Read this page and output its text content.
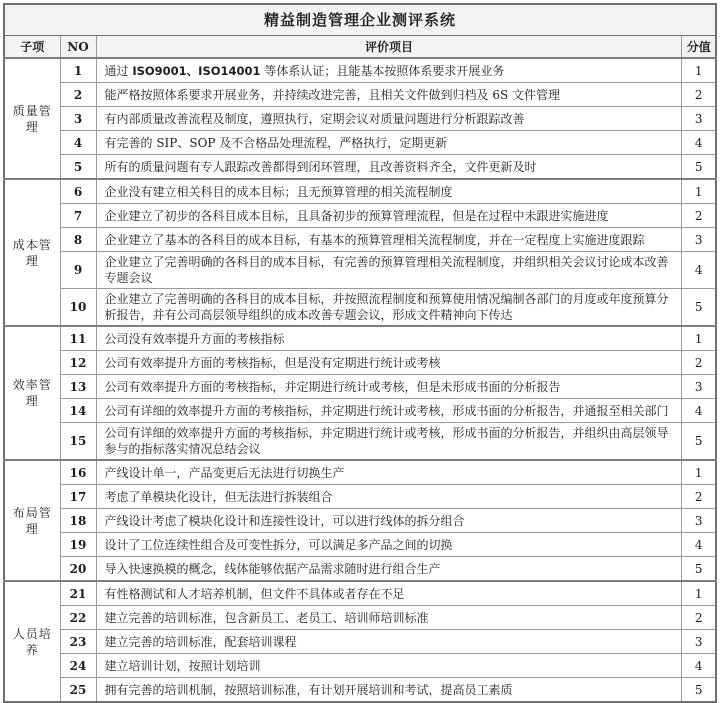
精益制造管理企业测评系统			
子项	NO	评价项目	分值
质量管理	1	通过 ISO9001、ISO14001 等体系认证；且能基本按照体系要求开展业务	1
	2	能严格按照体系要求开展业务，并持续改进完善，且相关文件做到归档及 6S 文件管理	2
	3	有内部质量改善流程及制度，遵照执行，定期会议对质量问题进行分析跟踪改善	3
	4	有完善的 SIP、SOP 及不合格品处理流程，严格执行，定期更新	4
	5	所有的质量问题有专人跟踪改善都得到闭环管理，且改善资料齐全，文件更新及时	5
成本管理	6	企业没有建立相关科目的成本目标；且无预算管理的相关流程制度	1
	7	企业建立了初步的各科目成本目标，且具备初步的预算管理流程，但是在过程中未跟进实施进度	2
	8	企业建立了基本的各科目的成本目标，有基本的预算管理相关流程制度，并在一定程度上实施进度跟踪	3
	9	企业建立了完善明确的各科目的成本目标，有完善的预算管理相关流程制度，并组织相关会议讨论成本改善专题会议	4
	10	企业建立了完善明确的各科目的成本目标，并按照流程制度和预算使用情况编制各部门的月度或年度预算分析报告，并有公司高层领导组织的成本改善专题会议，形成文件精神向下传达	5
效率管理	11	公司没有效率提升方面的考核指标	1
	12	公司有效率提升方面的考核指标，但是没有定期进行统计或考核	2
	13	公司有效率提升方面的考核指标，并定期进行统计或考核，但是未形成书面的分析报告	3
	14	公司有详细的效率提升方面的考核指标，并定期进行统计或考核，形成书面的分析报告，并通报至相关部门	4
	15	公司有详细的效率提升方面的考核指标，并定期进行统计或考核，形成书面的分析报告，并组织由高层领导参与的指标落实情况总结会议	5
布局管理	16	产线设计单一，产品变更后无法进行切换生产	1
	17	考虑了单模块化设计，但无法进行拆装组合	2
	18	产线设计考虑了模块化设计和连接性设计，可以进行线体的拆分组合	3
	19	设计了工位连续性组合及可变性拆分，可以满足多产品之间的切换	4
	20	导入快速换模的概念，线体能够依据产品需求随时进行组合生产	5
人员培养	21	有性格测试和人才培养机制，但文件不具体或者存在不足	1
	22	建立完善的培训标准，包含新员工、老员工、培训师培训标准	2
	23	建立完善的培训标准，配套培训课程	3
	24	建立培训计划，按照计划培训	4
	25	拥有完善的培训机制，按照培训标准，有计划开展培训和考试，提高员工素质	5
